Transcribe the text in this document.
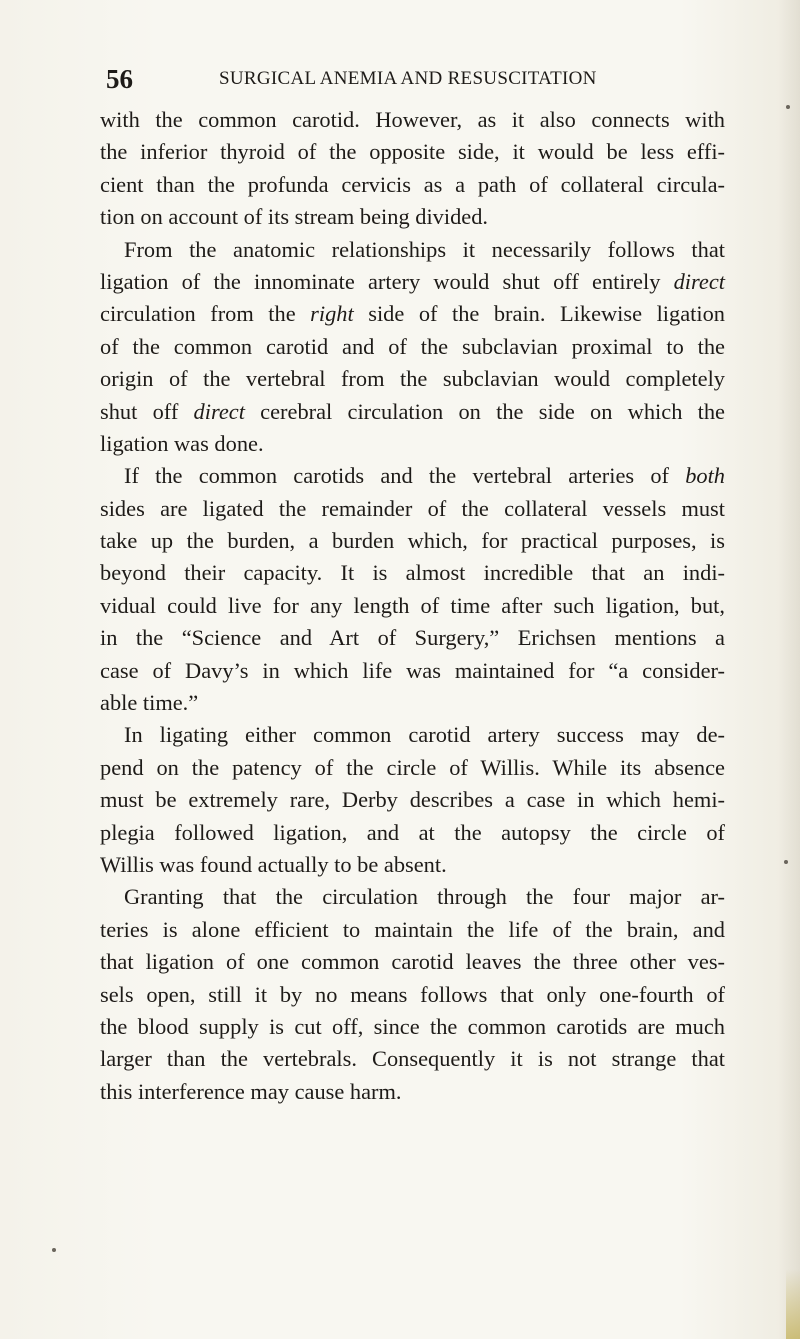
56	SURGICAL ANEMIA AND RESUSCITATION
with the common carotid. However, as it also connects with
the inferior thyroid of the opposite side, it would be less effi-
cient than the profunda cervicis as a path of collateral circula-
tion on account of its stream being divided.
From the anatomic relationships it necessarily follows that
ligation of the innominate artery would shut off entirely direct
circulation from the right side of the brain. Likewise ligation
of the common carotid and of the subclavian proximal to the
origin of the vertebral from the subclavian would completely
shut off direct cerebral circulation on the side on which the
ligation was done.
If the common carotids and the vertebral arteries of both
sides are ligated the remainder of the collateral vessels must
take up the burden, a burden which, for practical purposes, is
beyond their capacity. It is almost incredible that an indi-
vidual could live for any length of time after such ligation, but,
in the “Science and Art of Surgery,” Erichsen mentions a
case of Davy’s in which life was maintained for “a consider-
able time.”
In ligating either common carotid artery success may de-
pend on the patency of the circle of Willis. While its absence
must be extremely rare, Derby describes a case in which hemi-
plegia followed ligation, and at the autopsy the circle of
Willis was found actually to be absent.
Granting that the circulation through the four major ar-
teries is alone efficient to maintain the life of the brain, and
that ligation of one common carotid leaves the three other ves-
sels open, still it by no means follows that only one-fourth of
the blood supply is cut off, since the common carotids are much
larger than the vertebrals. Consequently it is not strange that
this interference may cause harm.
